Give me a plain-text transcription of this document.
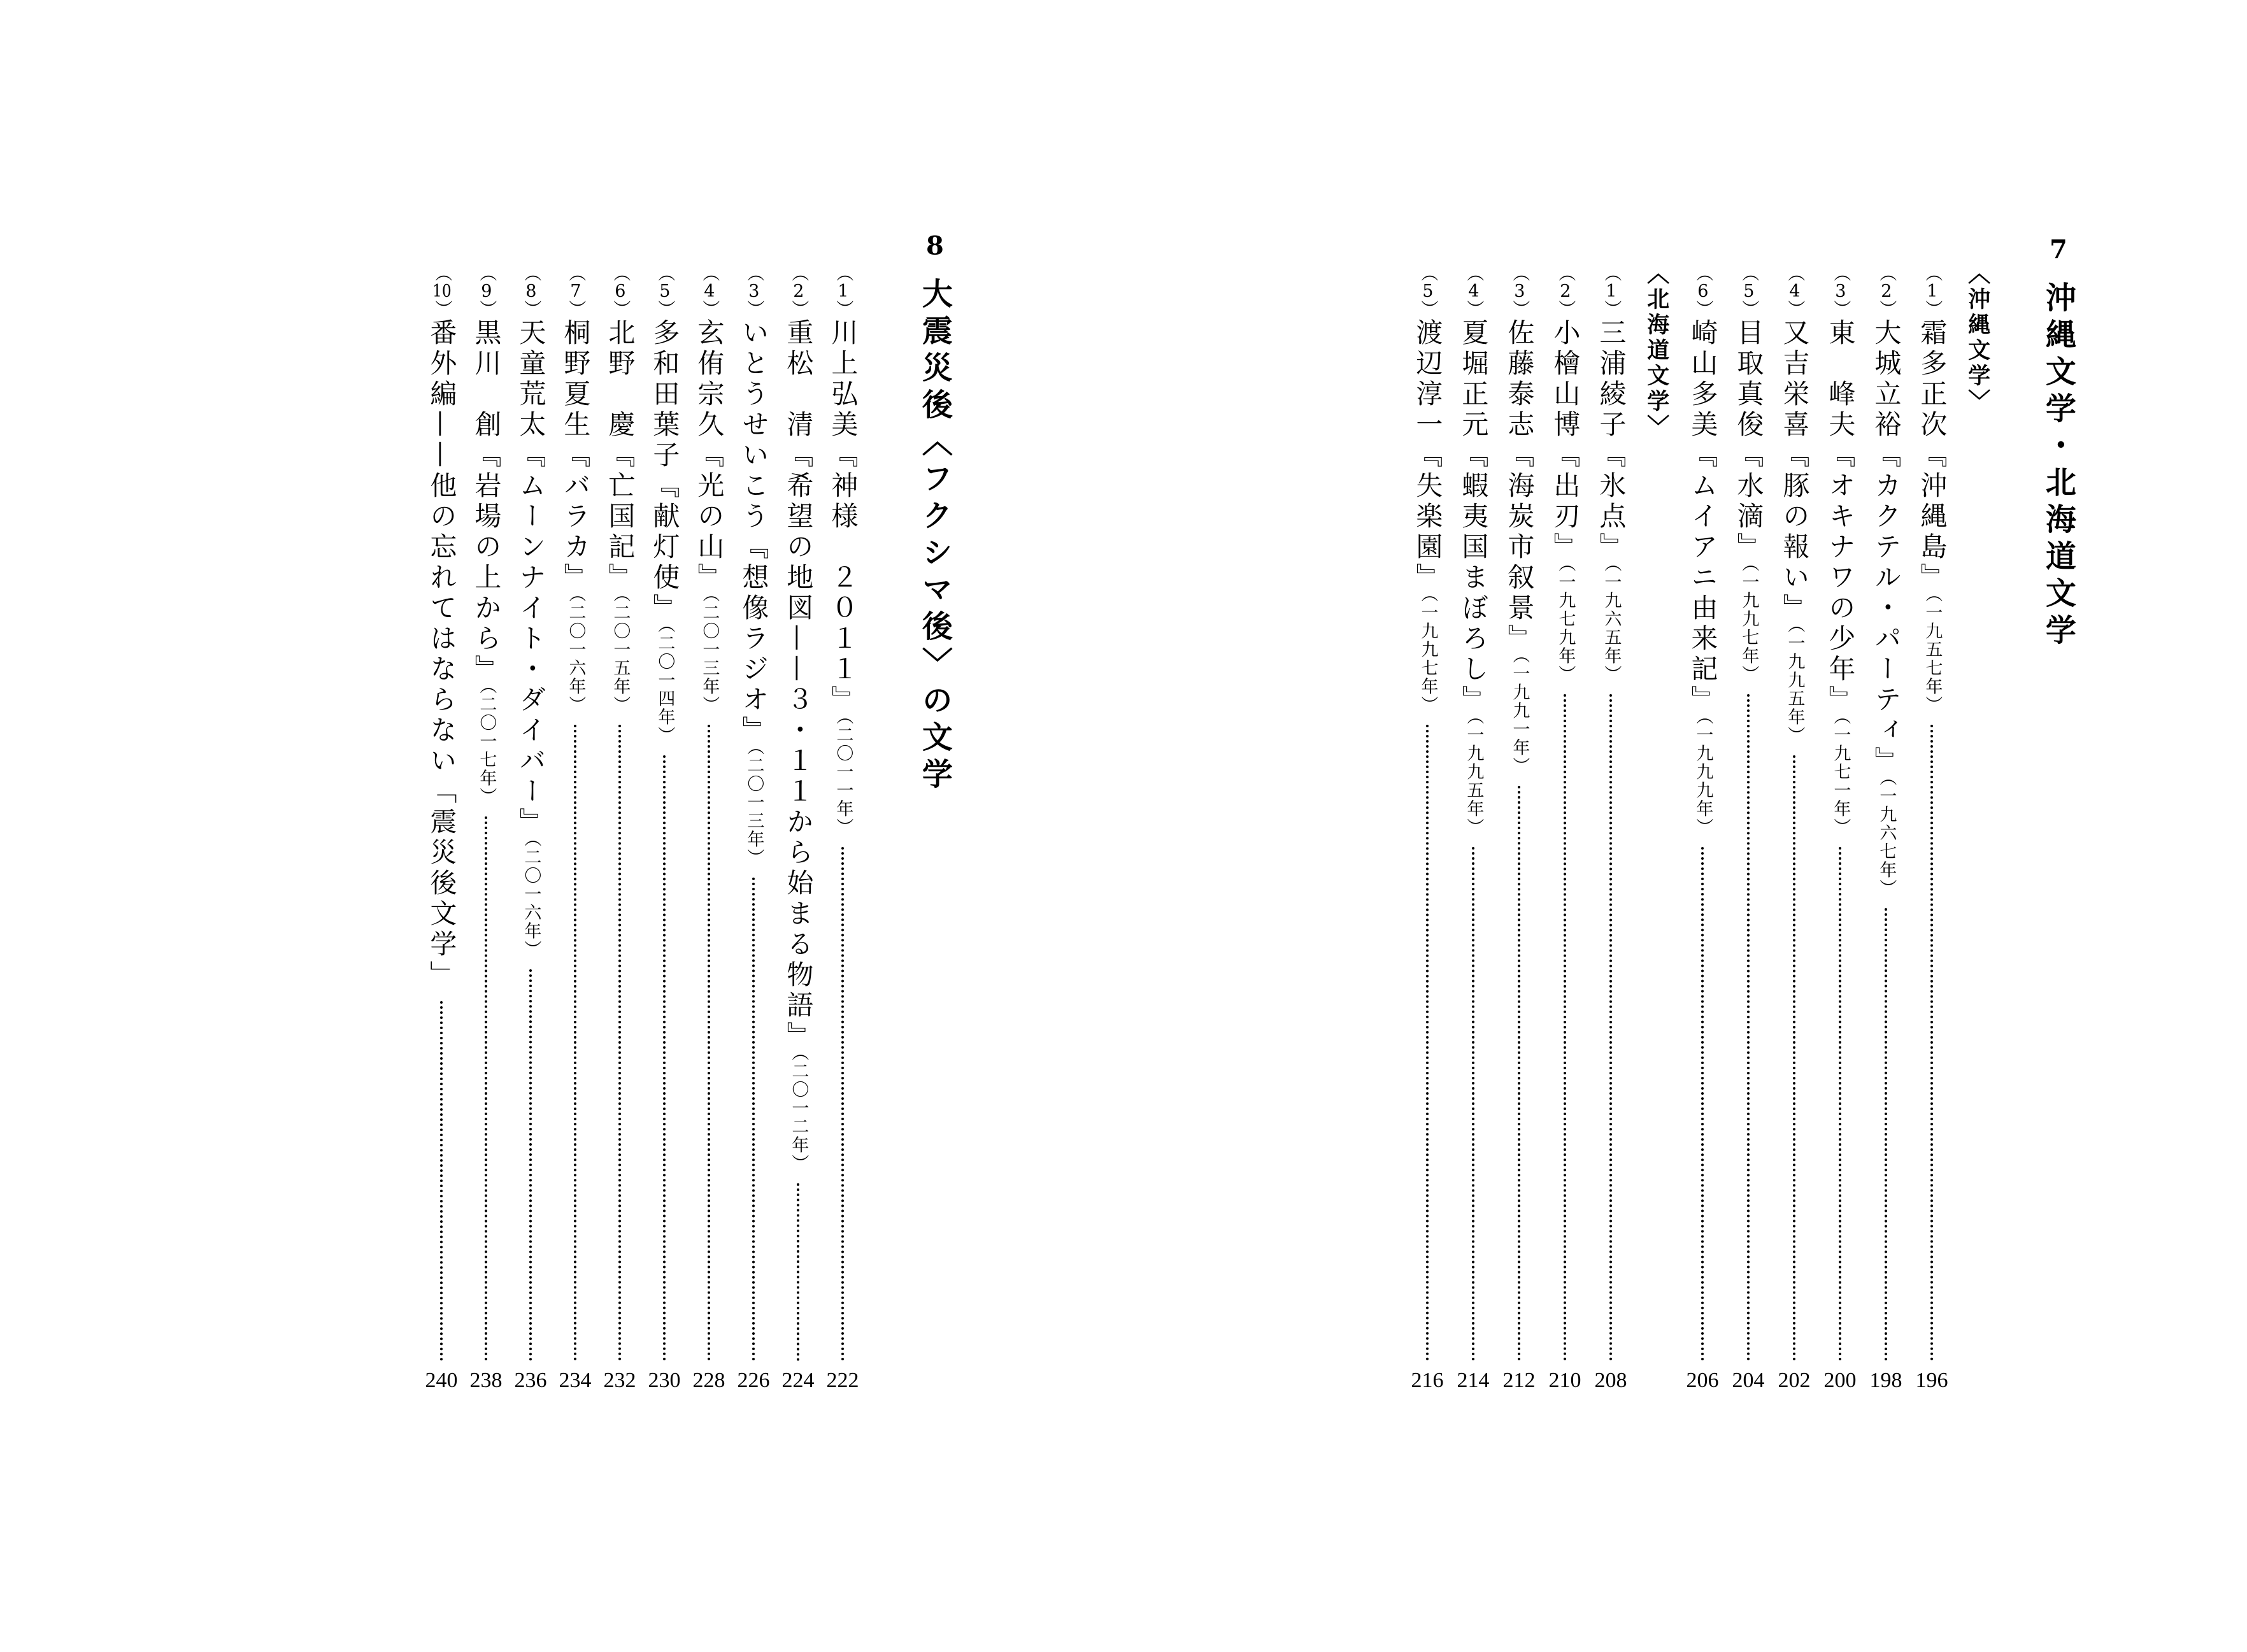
7沖縄文学・北海道文学
〈沖縄文学〉
（1）霜多正次『沖縄島』（一九五七年）
196
（2）大城立裕『カクテル・パーティ』（一九六七年）
198
（3）東　峰夫『オキナワの少年』（一九七一年）
200
（4）又吉栄喜『豚の報い』（一九九五年）
202
（5）目取真俊『水滴』（一九九七年）
204
（6）崎山多美『ムイアニ由来記』（一九九九年）
206
〈北海道文学〉
（1）三浦綾子『氷点』（一九六五年）
208
（2）小檜山博『出刃』（一九七九年）
210
（3）佐藤泰志『海炭市叙景』（一九九一年）
212
（4）夏堀正元『蝦夷国まぼろし』（一九九五年）
214
（5）渡辺淳一『失楽園』（一九九七年）
216
8大震災後〈フクシマ後〉の文学
（1）川上弘美『神様　２０１１』（二〇一一年）
222
（2）重松　清『希望の地図——３・１１から始まる物語』（二〇一二年）
224
（3）いとうせいこう『想像ラジオ』（二〇一三年）
226
（4）玄侑宗久『光の山』（二〇一三年）
228
（5）多和田葉子『献灯使』（二〇一四年）
230
（6）北野　慶『亡国記』（二〇一五年）
232
（7）桐野夏生『バラカ』（二〇一六年）
234
（8）天童荒太『ムーンナイト・ダイバー』（二〇一六年）
236
（9）黒川　創『岩場の上から』（二〇一七年）
238
（10）番外編——他の忘れてはならない「震災後文学」
240
